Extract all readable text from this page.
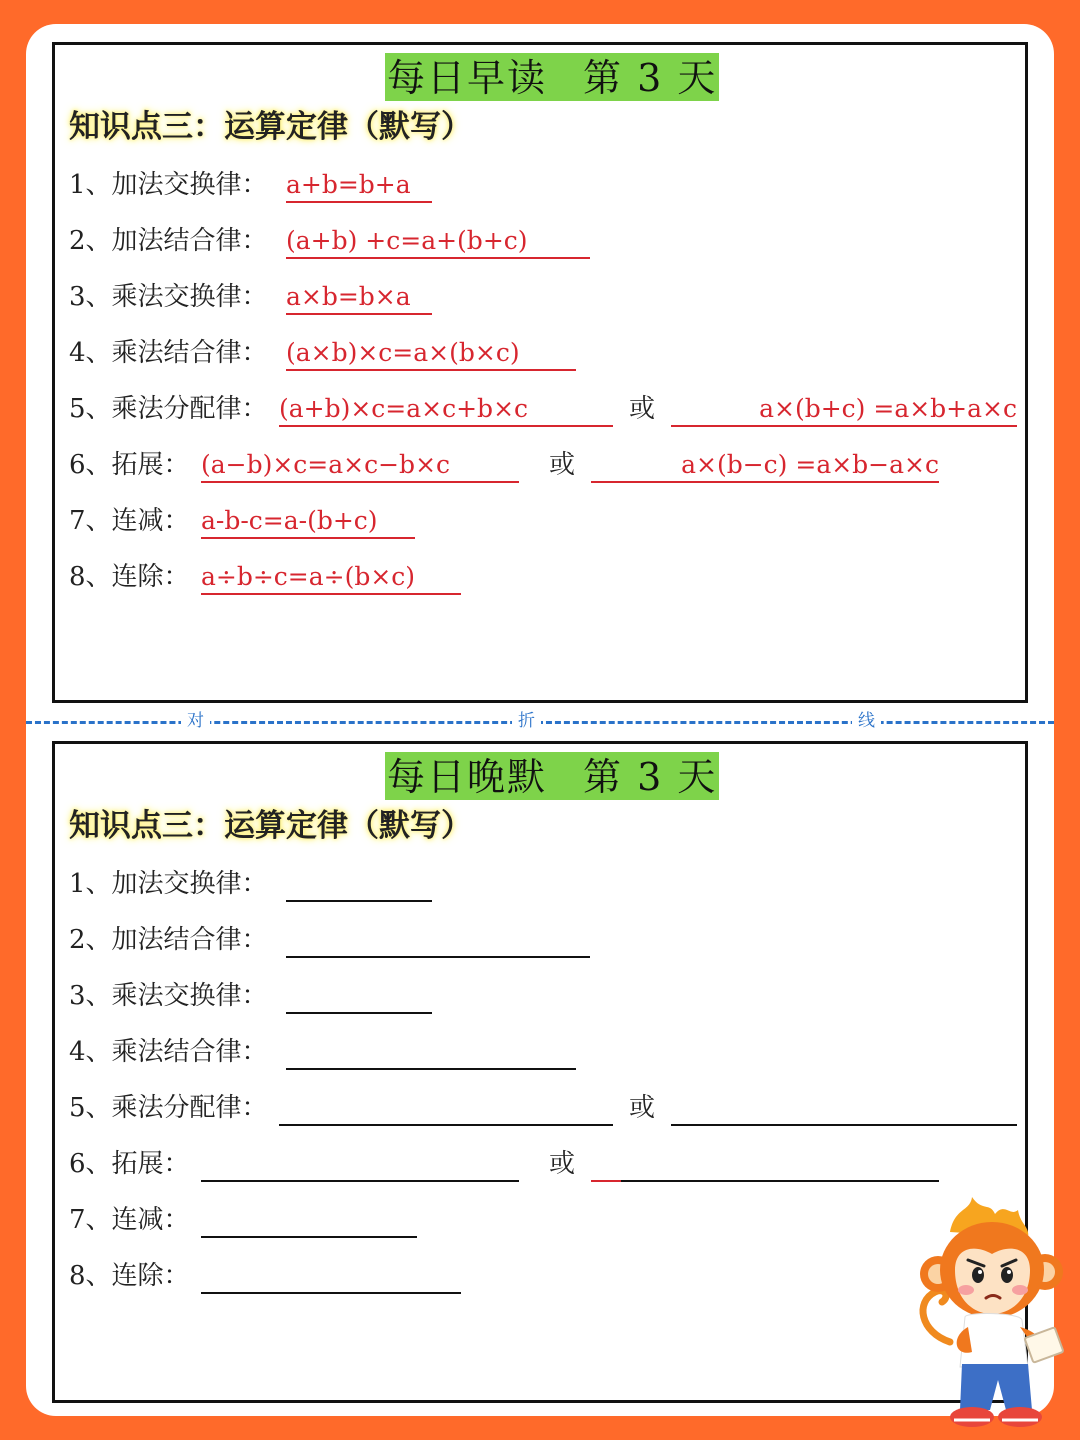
每日早读 第 3 天
知识点三：运算定律（默写）
1、加法交换律： a+b=b+a
2、加法结合律： (a+b) +c=a+(b+c)
3、乘法交换律： a×b=b×a
4、乘法结合律： (a×b)×c=a×(b×c)
5、乘法分配律： (a+b)×c=a×c+b×c	或	a×(b+c) =a×b+a×c
6、拓展： (a−b)×c=a×c−b×c	或	a×(b−c) =a×b−a×c
7、连减： a-b-c=a-(b+c)
8、连除： a÷b÷c=a÷(b×c)
对	折	线
每日晚默 第 3 天
知识点三：运算定律（默写）
1、加法交换律：
2、加法结合律：
3、乘法交换律：
4、乘法结合律：
5、乘法分配律：	或
6、拓展：	或
7、连减：
8、连除：
